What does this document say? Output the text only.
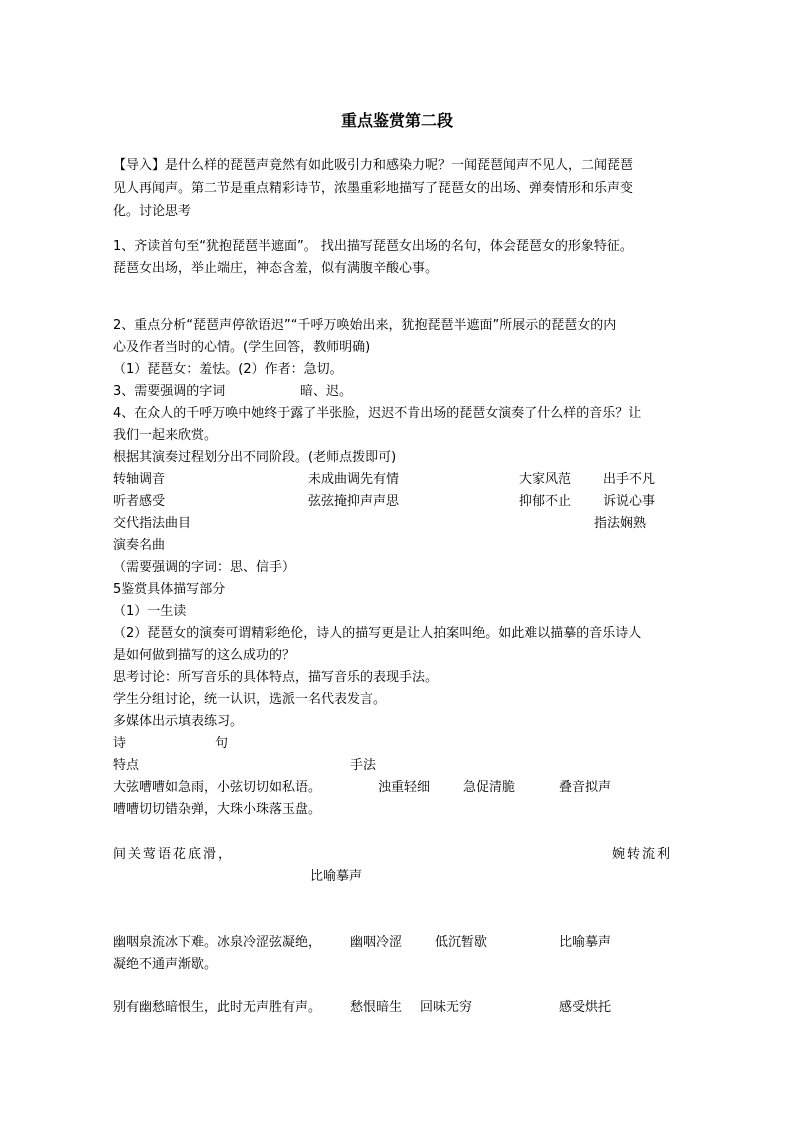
重点鉴赏第二段
【导入】是什么样的琵琶声竟然有如此吸引力和感染力呢？一闻琵琶闻声不见人，二闻琵琶
见人再闻声。第二节是重点精彩诗节，浓墨重彩地描写了琵琶女的出场、弹奏情形和乐声变
化。讨论思考
1、齐读首句至“犹抱琵琶半遮面”。 找出描写琵琶女出场的名句，体会琵琶女的形象特征。
琵琶女出场，举止端庄，神态含羞，似有满腹辛酸心事。
2、重点分析“琵琶声停欲语迟”“千呼万唤始出来，犹抱琵琶半遮面”所展示的琵琶女的内
心及作者当时的心情。(学生回答，教师明确)
（1）琵琶女：羞怯。(2）作者：急切。
3、需要强调的字词	暗、迟。
4、在众人的千呼万唤中她终于露了半张脸，迟迟不肯出场的琵琶女演奏了什么样的音乐？让
我们一起来欣赏。
根据其演奏过程划分出不同阶段。(老师点拨即可)
转轴调音	未成曲调先有情	大家风范 出手不凡
听者感受	弦弦掩抑声声思	抑郁不止 诉说心事
交代指法曲目	指法娴熟
演奏名曲
（需要强调的字词：思、信手）
5鉴赏具体描写部分
（1）一生读
（2）琵琶女的演奏可谓精彩绝伦，诗人的描写更是让人拍案叫绝。如此难以描摹的音乐诗人
是如何做到描写的这么成功的？
思考讨论：所写音乐的具体特点，描写音乐的表现手法。
学生分组讨论，统一认识，选派一名代表发言。
多媒体出示填表练习。
诗	句
特点	手法
大弦嘈嘈如急雨，小弦切切如私语。	浊重轻细	急促清脆	叠音拟声
嘈嘈切切错杂弹，大珠小珠落玉盘。
间关莺语花底滑，	婉转流利
比喻摹声
幽咽泉流冰下难。冰泉冷涩弦凝绝， 幽咽冷涩	低沉暂歇	比喻摹声
凝绝不通声渐歇。
别有幽愁暗恨生，此时无声胜有声。 愁恨暗生 回味无穷	感受烘托
